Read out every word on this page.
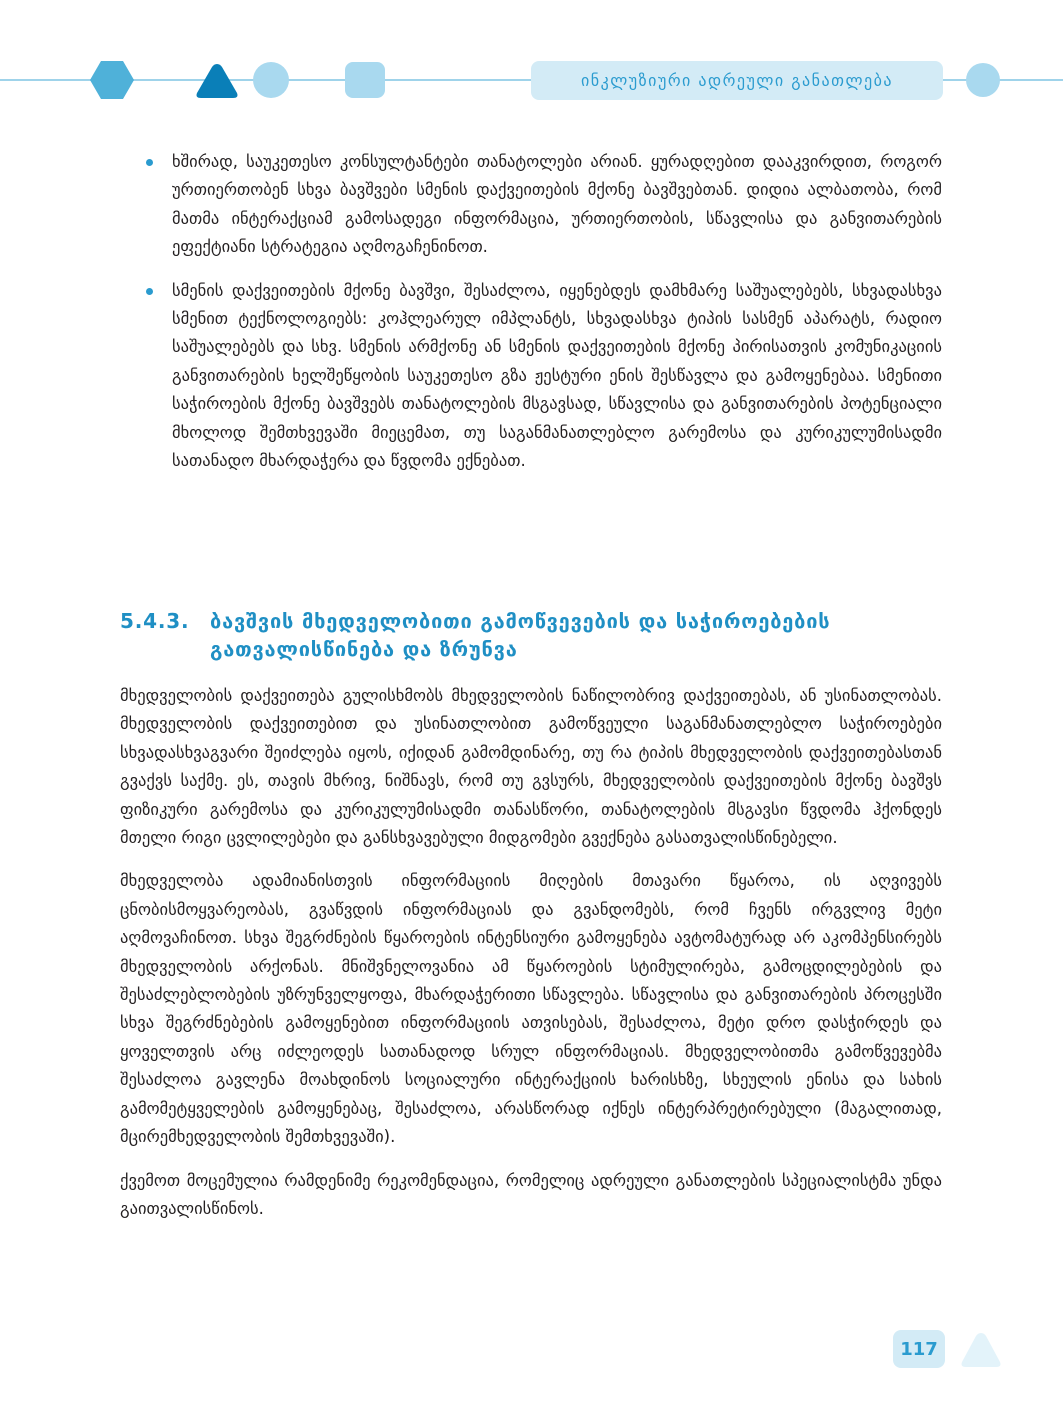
ინკლუზიური ადრეული განათლება
ხშირად, საუკეთესო კონსულტანტები თანატოლები არიან. ყურადღებით დააკვირდით, როგორ ურთიერთობენ სხვა ბავშვები სმენის დაქვეითების მქონე ბავშვებთან. დიდია ალბათობა, რომ მათმა ინტერაქციამ გამოსადეგი ინფორმაცია, ურთიერთობის, სწავლისა და განვითარების ეფექტიანი სტრატეგია აღმოგაჩენინოთ.
სმენის დაქვეითების მქონე ბავშვი, შესაძლოა, იყენებდეს დამხმარე საშუალებებს, სხვადასხვა სმენით ტექნოლოგიებს: კოჰლეარულ იმპლანტს, სხვადასხვა ტიპის სასმენ აპარატს, რადიო საშუალებებს და სხვ. სმენის არმქონე ან სმენის დაქვეითების მქონე პირისათვის კომუნიკაციის განვითარების ხელშეწყობის საუკეთესო გზა ჟესტური ენის შესწავლა და გამოყენებაა. სმენითი საჭიროების მქონე ბავშვებს თანატოლების მსგავსად, სწავლისა და განვითარების პოტენციალი მხოლოდ შემთხვევაში მიეცემათ, თუ საგანმანათლებლო გარემოსა და კურიკულუმისადმი სათანადო მხარდაჭერა და წვდომა ექნებათ.
5.4.3. ბავშვის მხედველობითი გამოწვევების და საჭიროებების
გათვალისწინება და ზრუნვა

მხედველობის დაქვეითება გულისხმობს მხედველობის ნაწილობრივ დაქვეითებას, ან უსინათლობას. მხედველობის დაქვეითებით და უსინათლობით გამოწვეული საგანმანათლებლო საჭიროებები სხვადასხვაგვარი შეიძლება იყოს, იქიდან გამომდინარე, თუ რა ტიპის მხედველობის დაქვეითებასთან გვაქვს საქმე. ეს, თავის მხრივ, ნიშნავს, რომ თუ გვსურს, მხედველობის დაქვეითების მქონე ბავშვს ფიზიკური გარემოსა და კურიკულუმისადმი თანასწორი, თანატოლების მსგავსი წვდომა ჰქონდეს მთელი რიგი ცვლილებები და განსხვავებული მიდგომები გვექნება გასათვალისწინებელი.

მხედველობა ადამიანისთვის ინფორმაციის მიღების მთავარი წყაროა, ის აღვივებს ცნობისმოყვარეობას, გვაწვდის ინფორმაციას და გვანდომებს, რომ ჩვენს ირგვლივ მეტი აღმოვაჩინოთ. სხვა შეგრძნების წყაროების ინტენსიური გამოყენება ავტომატურად არ აკომპენსირებს მხედველობის არქონას. მნიშვნელოვანია ამ წყაროების სტიმულირება, გამოცდილებების და შესაძლებლობების უზრუნველყოფა, მხარდაჭერითი სწავლება. სწავლისა და განვითარების პროცესში სხვა შეგრძნებების გამოყენებით ინფორმაციის ათვისებას, შესაძლოა, მეტი დრო დასჭირდეს და ყოველთვის არც იძლეოდეს სათანადოდ სრულ ინფორმაციას. მხედველობითმა გამოწვევებმა შესაძლოა გავლენა მოახდინოს სოციალური ინტერაქციის ხარისხზე, სხეულის ენისა და სახის გამომეტყველების გამოყენებაც, შესაძლოა, არასწორად იქნეს ინტერპრეტირებული (მაგალითად, მცირემხედველობის შემთხვევაში).

ქვემოთ მოცემულია რამდენიმე რეკომენდაცია, რომელიც ადრეული განათლების სპეციალისტმა უნდა გაითვალისწინოს.

117
